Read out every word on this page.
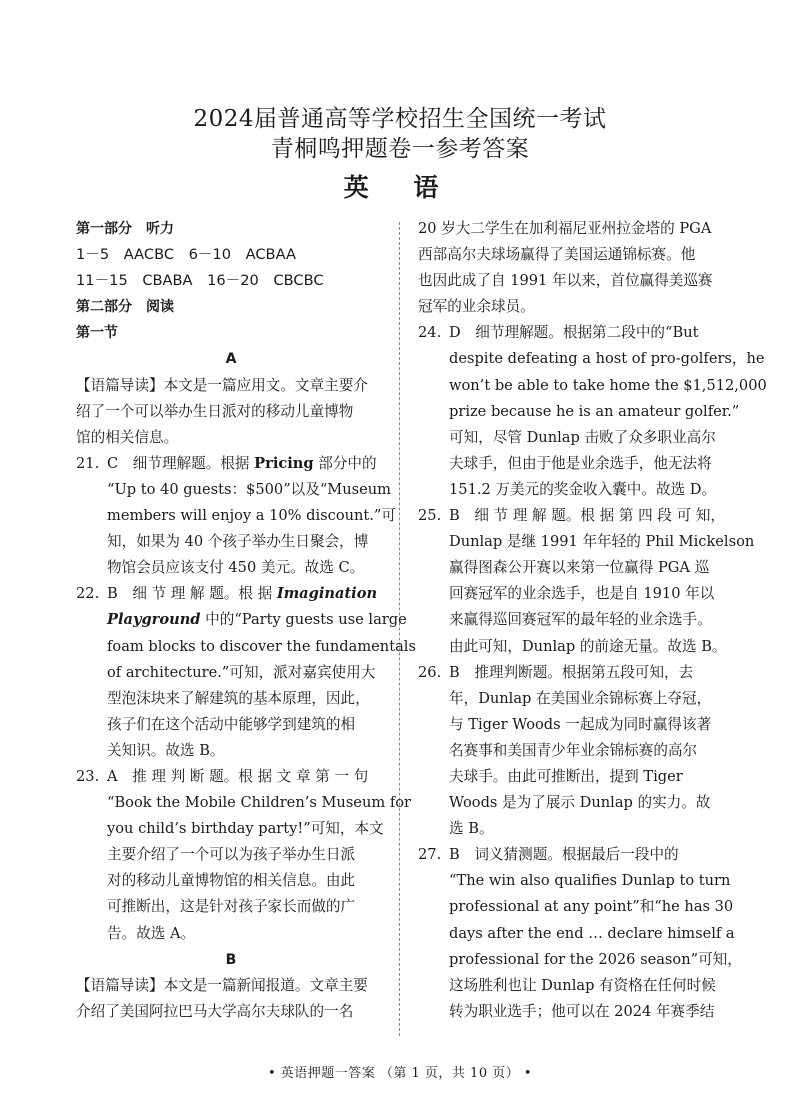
2024届普通高等学校招生全国统一考试
青桐鸣押题卷一参考答案
英 语
第一部分　听力
1－5　AACBC　6－10　ACBAA
11－15　CBABA　16－20　CBCBC
第二部分　阅读
第一节
A
【语篇导读】本文是一篇应用文。文章主要介
绍了一个可以举办生日派对的移动儿童博物
馆的相关信息。
21. C　细节理解题。根据 Pricing 部分中的
“Up to 40 guests：$500”以及“Museum
members will enjoy a 10% discount.”可
知，如果为 40 个孩子举办生日聚会，博
物馆会员应该支付 450 美元。故选 C。
22. B　细 节 理 解 题。根 据 Imagination
Playground 中的“Party guests use large
foam blocks to discover the fundamentals
of architecture.”可知，派对嘉宾使用大
型泡沫块来了解建筑的基本原理，因此，
孩子们在这个活动中能够学到建筑的相
关知识。故选 B。
23. A　推 理 判 断 题。根 据 文 章 第 一 句
“Book the Mobile Children’s Museum for
you child’s birthday party!”可知，本文
主要介绍了一个可以为孩子举办生日派
对的移动儿童博物馆的相关信息。由此
可推断出，这是针对孩子家长而做的广
告。故选 A。
B
【语篇导读】本文是一篇新闻报道。文章主要
介绍了美国阿拉巴马大学高尔夫球队的一名
20 岁大二学生在加利福尼亚州拉金塔的 PGA
西部高尔夫球场赢得了美国运通锦标赛。他
也因此成了自 1991 年以来，首位赢得美巡赛
冠军的业余球员。
24. D　细节理解题。根据第二段中的“But
despite defeating a host of pro-golfers，he
won’t be able to take home the $1,512,000
prize because he is an amateur golfer.”
可知，尽管 Dunlap 击败了众多职业高尔
夫球手，但由于他是业余选手，他无法将
151.2 万美元的奖金收入囊中。故选 D。
25. B　细 节 理 解 题。根 据 第 四 段 可 知，
Dunlap 是继 1991 年年轻的 Phil Mickelson
赢得图森公开赛以来第一位赢得 PGA 巡
回赛冠军的业余选手，也是自 1910 年以
来赢得巡回赛冠军的最年轻的业余选手。
由此可知，Dunlap 的前途无量。故选 B。
26. B　推理判断题。根据第五段可知，去
年，Dunlap 在美国业余锦标赛上夺冠，
与 Tiger Woods 一起成为同时赢得该著
名赛事和美国青少年业余锦标赛的高尔
夫球手。由此可推断出，提到 Tiger
Woods 是为了展示 Dunlap 的实力。故
选 B。
27. B　词义猜测题。根据最后一段中的
“The win also qualifies Dunlap to turn
professional at any point”和“he has 30
days after the end … declare himself a
professional for the 2026 season”可知，
这场胜利也让 Dunlap 有资格在任何时候
转为职业选手；他可以在 2024 年赛季结
• 英语押题一答案 （第 1 页，共 10 页） •
